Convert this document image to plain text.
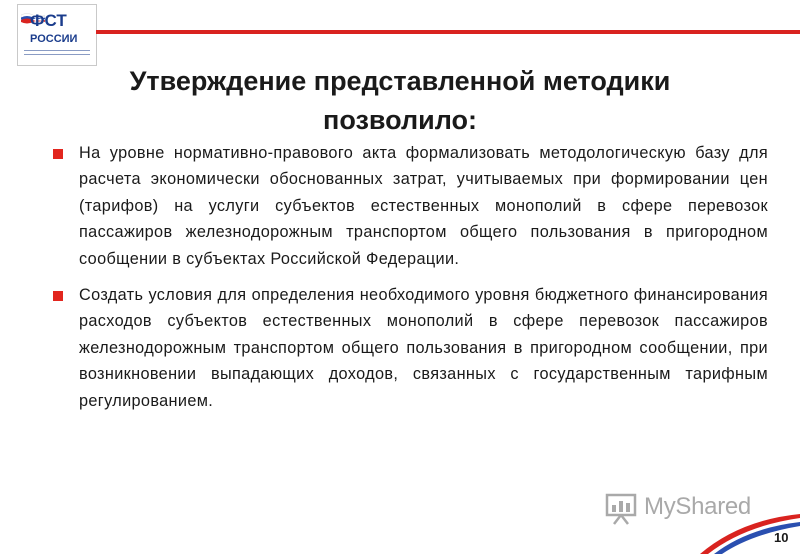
ФСТ
РОССИИ
Утверждение представленной методики
позволило:
На уровне нормативно-правового акта формализовать методологическую базу для расчета экономически обоснованных затрат, учитываемых при формировании цен (тарифов) на услуги субъектов естественных монополий в сфере перевозок пассажиров железнодорожным транспортом общего пользования в пригородном сообщении в субъектах Российской Федерации.
Создать условия для определения необходимого уровня бюджетного финансирования расходов субъектов естественных монополий в сфере перевозок пассажиров железнодорожным транспортом общего пользования в пригородном сообщении, при возникновении выпадающих доходов, связанных с государственным тарифным регулированием.
MyShared
10
